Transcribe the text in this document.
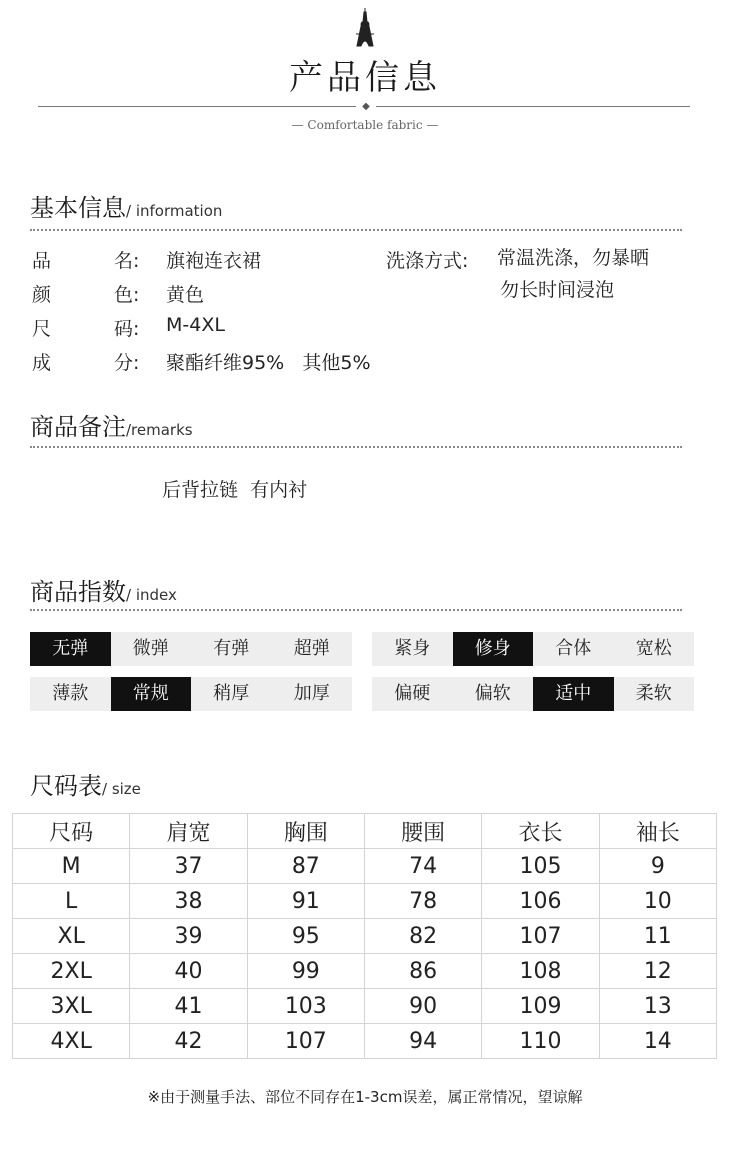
产品信息
◆
— Comfortable fabric —
基本信息/ information
品	名: 旗袍连衣裙
颜	色: 黄色
尺	码: M-4XL
成	分: 聚酯纤维95%   其他5%
洗涤方式: 常温洗涤，勿暴晒
勿长时间浸泡
商品备注/remarks
后背拉链  有内衬
商品指数/ index
无弹	微弹	有弹	超弹	紧身	修身	合体	宽松
薄款	常规	稍厚	加厚	偏硬	偏软	适中	柔软
尺码表/ size
尺码	肩宽	胸围	腰围	衣长	袖长
M	37	87	74	105	9
L	38	91	78	106	10
XL	39	95	82	107	11
2XL	40	99	86	108	12
3XL	41	103	90	109	13
4XL	42	107	94	110	14
※由于测量手法、部位不同存在1-3cm误差，属正常情况，望谅解
